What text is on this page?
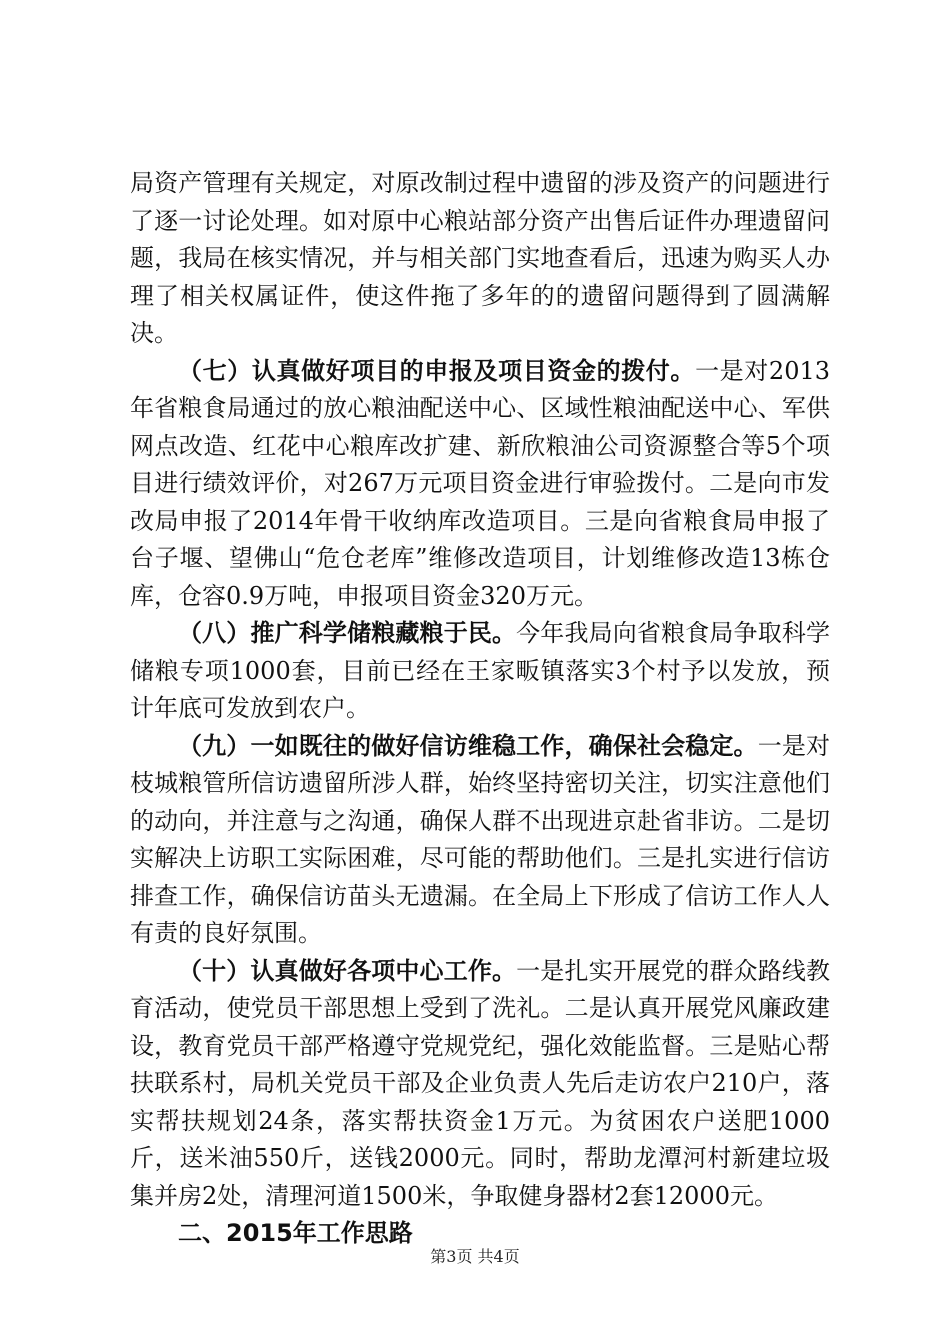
局资产管理有关规定，对原改制过程中遗留的涉及资产的问题进行了逐一讨论处理。如对原中心粮站部分资产出售后证件办理遗留问题，我局在核实情况，并与相关部门实地查看后，迅速为购买人办理了相关权属证件，使这件拖了多年的的遗留问题得到了圆满解决。

（七）认真做好项目的申报及项目资金的拨付。一是对2013年省粮食局通过的放心粮油配送中心、区域性粮油配送中心、军供网点改造、红花中心粮库改扩建、新欣粮油公司资源整合等5个项目进行绩效评价，对267万元项目资金进行审验拨付。二是向市发改局申报了2014年骨干收纳库改造项目。三是向省粮食局申报了台子堰、望佛山“危仓老库”维修改造项目，计划维修改造13栋仓库，仓容0.9万吨，申报项目资金320万元。

（八）推广科学储粮藏粮于民。今年我局向省粮食局争取科学储粮专项1000套，目前已经在王家畈镇落实3个村予以发放，预计年底可发放到农户。

（九）一如既往的做好信访维稳工作，确保社会稳定。一是对枝城粮管所信访遗留所涉人群，始终坚持密切关注，切实注意他们的动向，并注意与之沟通，确保人群不出现进京赴省非访。二是切实解决上访职工实际困难，尽可能的帮助他们。三是扎实进行信访排查工作，确保信访苗头无遗漏。在全局上下形成了信访工作人人有责的良好氛围。

（十）认真做好各项中心工作。一是扎实开展党的群众路线教育活动，使党员干部思想上受到了洗礼。二是认真开展党风廉政建设，教育党员干部严格遵守党规党纪，强化效能监督。三是贴心帮扶联系村，局机关党员干部及企业负责人先后走访农户210户，落实帮扶规划24条，落实帮扶资金1万元。为贫困农户送肥1000斤，送米油550斤，送钱2000元。同时，帮助龙潭河村新建垃圾集并房2处，清理河道1500米，争取健身器材2套12000元。

二、2015年工作思路

第3页 共4页
